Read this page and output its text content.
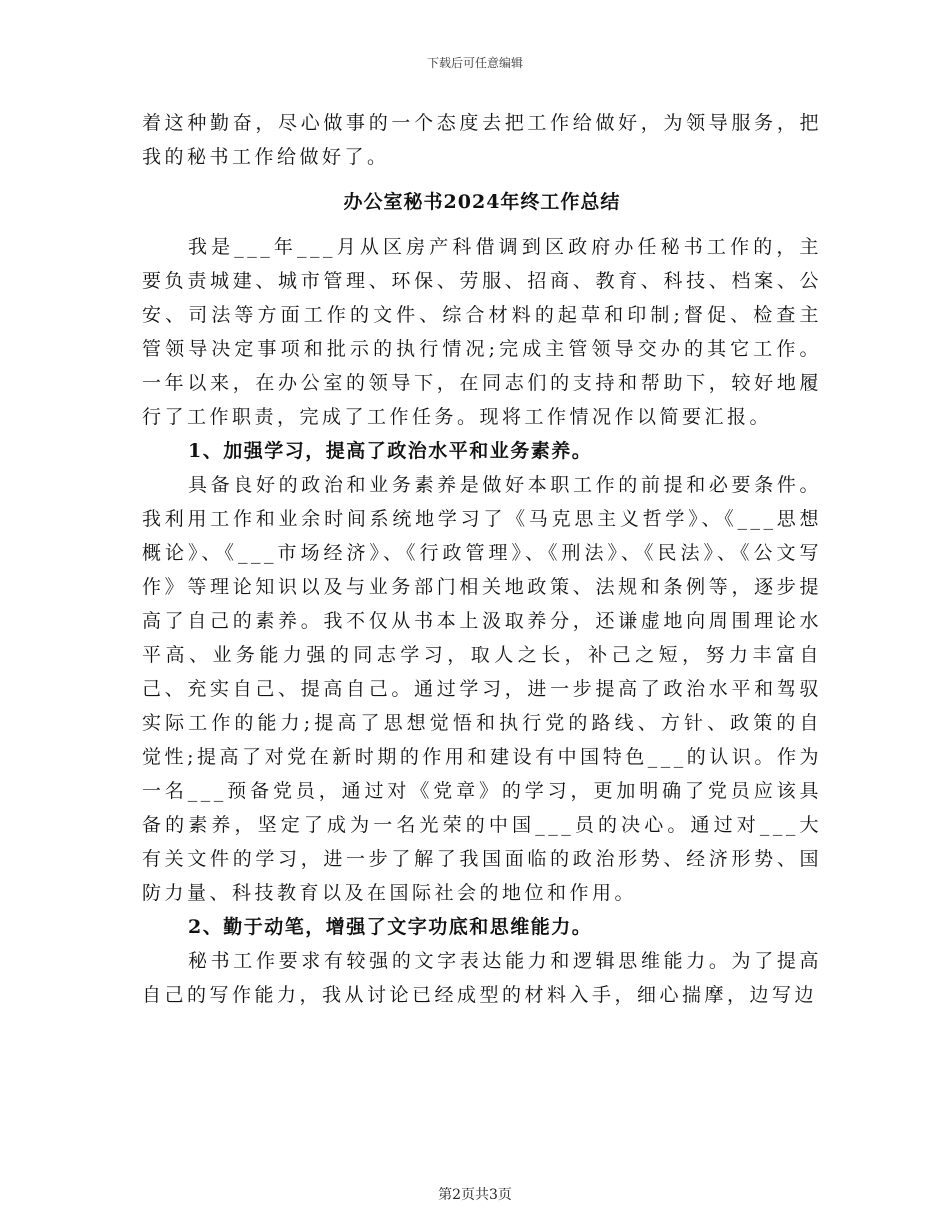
下载后可任意编辑

着这种勤奋，尽心做事的一个态度去把工作给做好，为领导服务，把我的秘书工作给做好了。

办公室秘书2024年终工作总结

我是___年___月从区房产科借调到区政府办任秘书工作的，主要负责城建、城市管理、环保、劳服、招商、教育、科技、档案、公安、司法等方面工作的文件、综合材料的起草和印制;督促、检查主管领导决定事项和批示的执行情况;完成主管领导交办的其它工作。一年以来，在办公室的领导下，在同志们的支持和帮助下，较好地履行了工作职责，完成了工作任务。现将工作情况作以简要汇报。

1、加强学习，提高了政治水平和业务素养。

具备良好的政治和业务素养是做好本职工作的前提和必要条件。我利用工作和业余时间系统地学习了《马克思主义哲学》、《___思想概论》、《___市场经济》、《行政管理》、《刑法》、《民法》、《公文写作》等理论知识以及与业务部门相关地政策、法规和条例等，逐步提高了自己的素养。我不仅从书本上汲取养分，还谦虚地向周围理论水平高、业务能力强的同志学习，取人之长，补己之短，努力丰富自己、充实自己、提高自己。通过学习，进一步提高了政治水平和驾驭实际工作的能力;提高了思想觉悟和执行党的路线、方针、政策的自觉性;提高了对党在新时期的作用和建设有中国特色___的认识。作为一名___预备党员，通过对《党章》的学习，更加明确了党员应该具备的素养，坚定了成为一名光荣的中国___员的决心。通过对___大有关文件的学习，进一步了解了我国面临的政治形势、经济形势、国防力量、科技教育以及在国际社会的地位和作用。

2、勤于动笔，增强了文字功底和思维能力。

秘书工作要求有较强的文字表达能力和逻辑思维能力。为了提高自己的写作能力，我从讨论已经成型的材料入手，细心揣摩，边写边

第2页共3页
